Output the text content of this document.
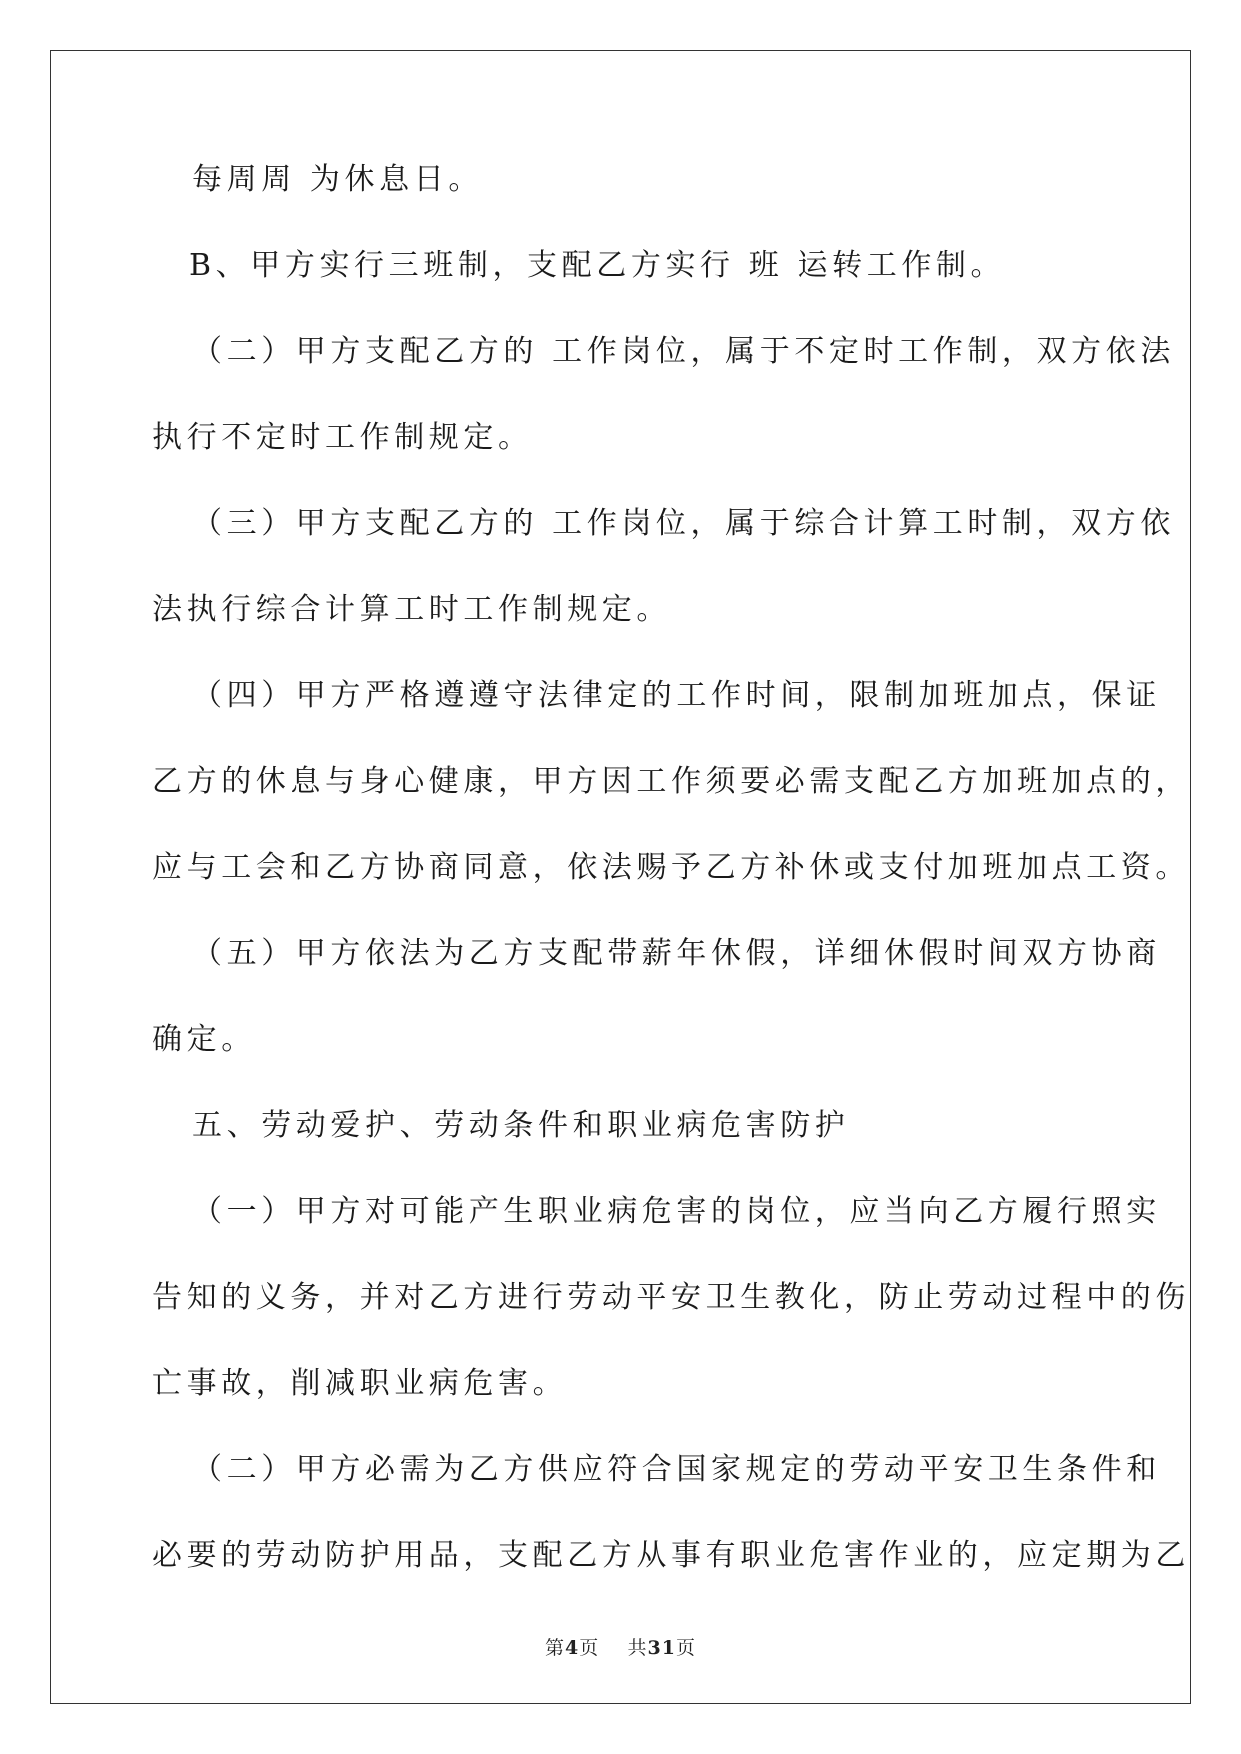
每周周 为休息日。
B、甲方实行三班制，支配乙方实行 班 运转工作制。
（二）甲方支配乙方的 工作岗位，属于不定时工作制，双方依法
执行不定时工作制规定。
（三）甲方支配乙方的 工作岗位，属于综合计算工时制，双方依
法执行综合计算工时工作制规定。
（四）甲方严格遵遵守法律定的工作时间，限制加班加点，保证
乙方的休息与身心健康，甲方因工作须要必需支配乙方加班加点的，
应与工会和乙方协商同意，依法赐予乙方补休或支付加班加点工资。
（五）甲方依法为乙方支配带薪年休假，详细休假时间双方协商
确定。
五、劳动爱护、劳动条件和职业病危害防护
（一）甲方对可能产生职业病危害的岗位，应当向乙方履行照实
告知的义务，并对乙方进行劳动平安卫生教化，防止劳动过程中的伤
亡事故，削减职业病危害。
（二）甲方必需为乙方供应符合国家规定的劳动平安卫生条件和
必要的劳动防护用品，支配乙方从事有职业危害作业的，应定期为乙
第4页 共31页
